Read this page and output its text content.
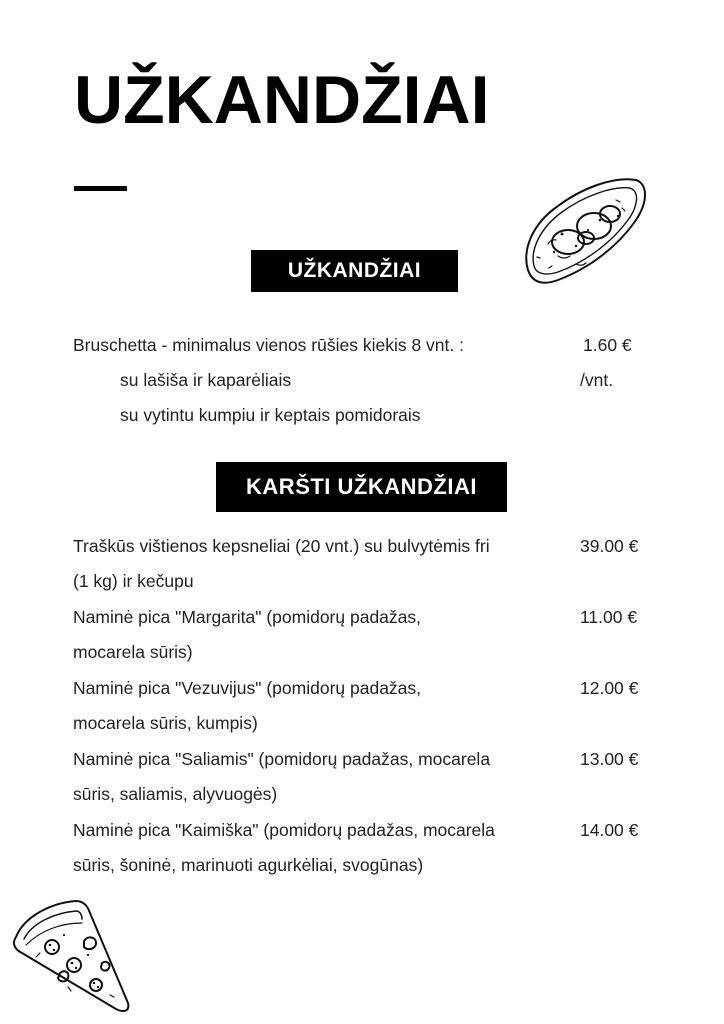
UŽKANDŽIAI
UŽKANDŽIAI
Bruschetta - minimalus vienos rūšies kiekis 8 vnt. :	1.60 €
su lašiša ir kaparėliais	/vnt.
su vytintu kumpiu ir keptais pomidorais
KARŠTI UŽKANDŽIAI
Traškūs vištienos kepsneliai (20 vnt.) su bulvytėmis fri
(1 kg) ir kečupu
39.00 €
Naminė pica "Margarita" (pomidorų padažas,
mocarela sūris)
11.00 €
Naminė pica "Vezuvijus" (pomidorų padažas,
mocarela sūris, kumpis)
12.00 €
Naminė pica "Saliamis" (pomidorų padažas, mocarela
sūris, saliamis, alyvuogės)
13.00 €
Naminė pica "Kaimiška" (pomidorų padažas, mocarela
sūris, šoninė, marinuoti agurkėliai, svogūnas)
14.00 €
